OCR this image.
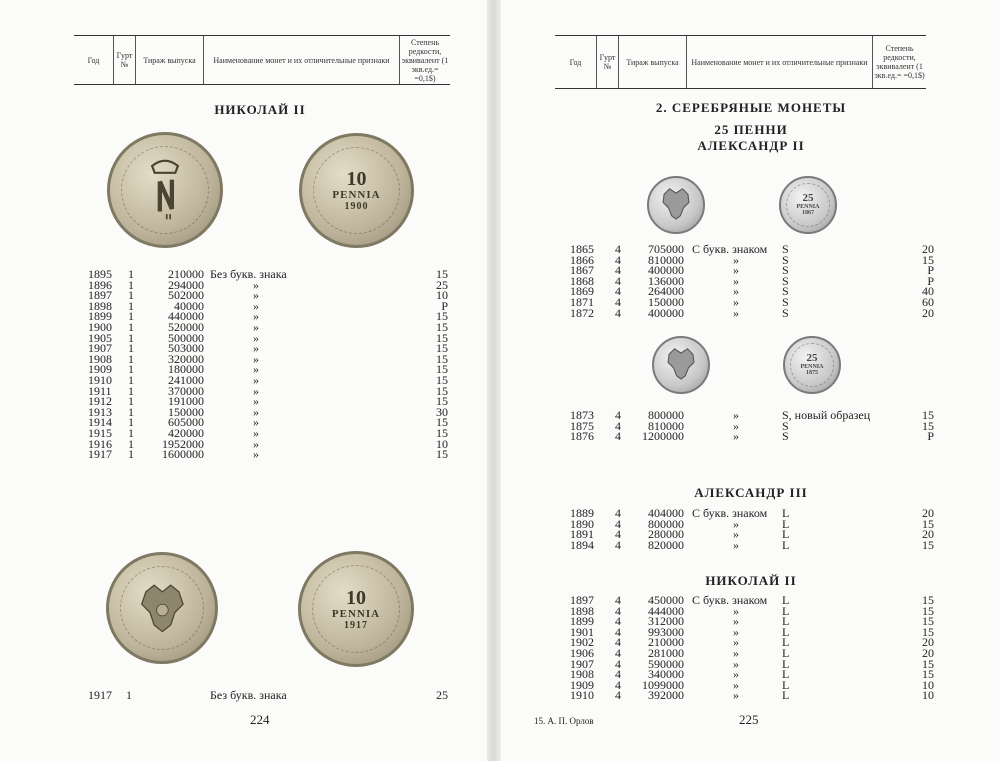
Год	Гурт №	Тираж выпуска	Наименование монет и их отличительные признаки
Степень редкости, эквивалент (1 экв.ед.= =0,1$)
НИКОЛАЙ II
10
PENNIA
1900
1895 1	210000 Без букв. знака	15
1896 1	294000	»	25
1897 1	502000	»	10
1898 1	40000	»	P
1899 1	440000	»	15
1900 1	520000	»	15
1905 1	500000	»	15
1907 1	503000	»	15
1908 1	320000	»	15
1909 1	180000	»	15
1910 1	241000	»	15
1911 1	370000	»	15
1912 1	191000	»	15
1913 1	150000	»	30
1914 1	605000	»	15
1915 1	420000	»	15
1916 1	1952000	»	10
1917 1	1600000	»	15
10
PENNIA
1917
1917 1	Без букв. знака	25
224
Год	Гурт №	Тираж выпуска	Наименование монет и их отличительные признаки
Степень редкости, эквивалент (1 экв.ед.= =0,1$)
2. СЕРЕБРЯНЫЕ МОНЕТЫ
25 ПЕННИ
АЛЕКСАНДР II
25
PENNIA
1867
1865 4	705000 С букв. знаком	S	20
1866 4	810000	»	S	15
1867 4	400000	»	S	P
1868 4	136000	»	S	P
1869 4	264000	»	S	40
1871 4	150000	»	S	60
1872 4	400000	»	S	20
25
PENNIA
1875
1873 4	800000	»	S, новый образец	15
1875 4	810000	»	S	15
1876 4	1200000	»	S	P
АЛЕКСАНДР III
1889 4	404000 С букв. знаком	L	20
1890 4	800000	»	L	15
1891 4	280000	»	L	20
1894 4	820000	»	L	15
НИКОЛАЙ II
1897 4	450000 С букв. знаком	L	15
1898 4	444000	»	L	15
1899 4	312000	»	L	15
1901 4	993000	»	L	15
1902 4	210000	»	L	20
1906 4	281000	»	L	20
1907 4	590000	»	L	15
1908 4	340000	»	L	15
1909 4	1099000	»	L	10
1910 4	392000	»	L	10
15. А. П. Орлов	225
